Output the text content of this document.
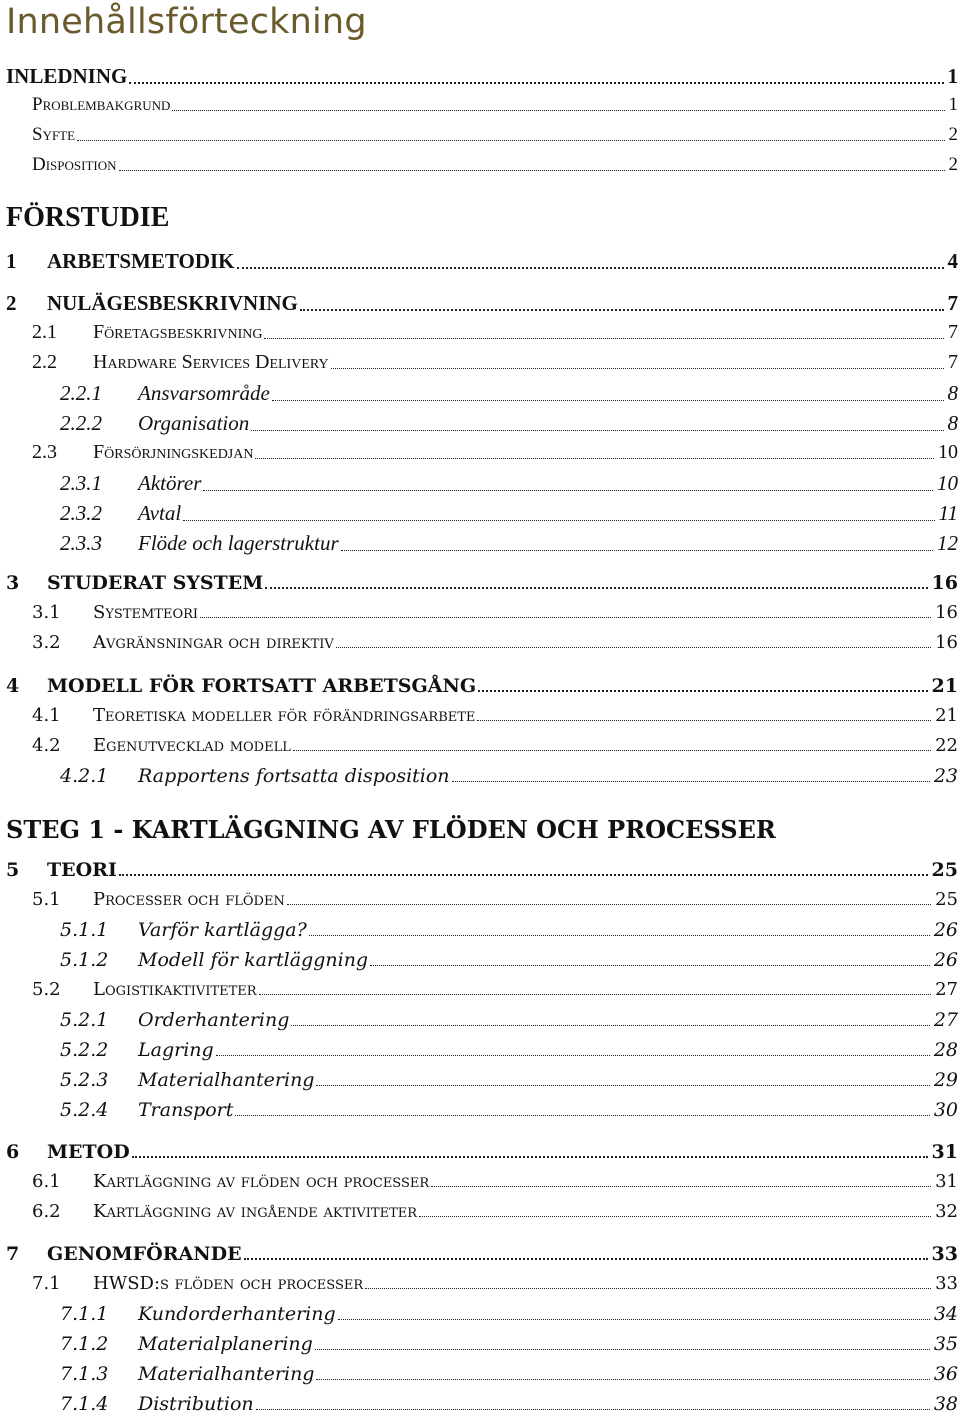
Innehållsförteckning
INLEDNING	1
Problembakgrund	1
Syfte	2
Disposition	2
FÖRSTUDIE
1	ARBETSMETODIK	4
2	NULÄGESBESKRIVNING	7
2.1	Företagsbeskrivning	7
2.2	Hardware Services Delivery	7
2.2.1	Ansvarsområde	8
2.2.2	Organisation	8
2.3	Försörjningskedjan	10
2.3.1	Aktörer	10
2.3.2	Avtal	11
2.3.3	Flöde och lagerstruktur	12
3	STUDERAT SYSTEM	16
3.1	Systemteori	16
3.2	Avgränsningar och direktiv	16
4	MODELL FÖR FORTSATT ARBETSGÅNG	21
4.1	Teoretiska modeller för förändringsarbete	21
4.2	Egenutvecklad modell	22
4.2.1	Rapportens fortsatta disposition	23
STEG 1 - KARTLÄGGNING AV FLÖDEN OCH PROCESSER
5	TEORI	25
5.1	Processer och flöden	25
5.1.1	Varför kartlägga?	26
5.1.2	Modell för kartläggning	26
5.2	Logistikaktiviteter	27
5.2.1	Orderhantering	27
5.2.2	Lagring	28
5.2.3	Materialhantering	29
5.2.4	Transport	30
6	METOD	31
6.1	Kartläggning av flöden och processer	31
6.2	Kartläggning av ingående aktiviteter	32
7	GENOMFÖRANDE	33
7.1	HWSD:s flöden och processer	33
7.1.1	Kundorderhantering	34
7.1.2	Materialplanering	35
7.1.3	Materialhantering	36
7.1.4	Distribution	38
